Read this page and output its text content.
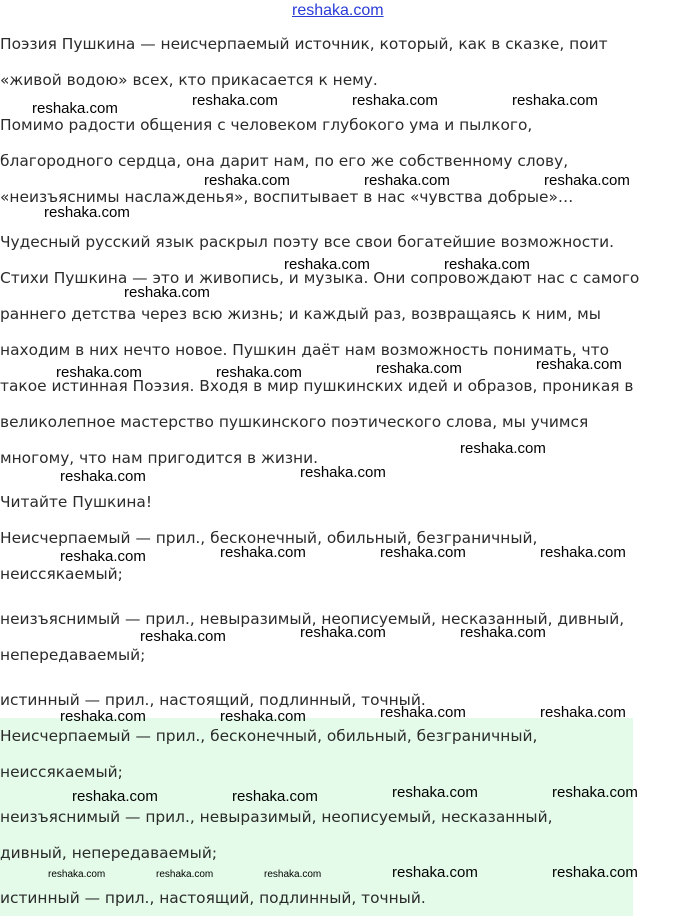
reshaka.com
Поэзия Пушкина — неисчерпаемый источник, который, как в сказке, поит
«живой водою» всех, кто прикасается к нему.
Помимо радости общения с человеком глубокого ума и пылкого,
благородного сердца, она дарит нам, по его же собственному слову,
«неизъяснимы наслажденья», воспитывает в нас «чувства добрые»…
Чудесный русский язык раскрыл поэту все свои богатейшие возможности.
Стихи Пушкина — это и живопись, и музыка. Они сопровождают нас с самого
раннего детства через всю жизнь; и каждый раз, возвращаясь к ним, мы
находим в них нечто новое. Пушкин даёт нам возможность понимать, что
такое истинная Поэзия. Входя в мир пушкинских идей и образов, проникая в
великолепное мастерство пушкинского поэтического слова, мы учимся
многому, что нам пригодится в жизни.
Читайте Пушкина!
Неисчерпаемый — прил., бесконечный, обильный, безграничный,
неиссякаемый;
неизъяснимый — прил., невыразимый, неописуемый, несказанный, дивный,
непередаваемый;
истинный — прил., настоящий, подлинный, точный.
Неисчерпаемый — прил., бесконечный, обильный, безграничный,
неиссякаемый;
неизъяснимый — прил., невыразимый, неописуемый, несказанный,
дивный, непередаваемый;
истинный — прил., настоящий, подлинный, точный.
reshaka.com	reshaka.com	reshaka.com	reshaka.com
reshaka.com	reshaka.com	reshaka.com
reshaka.com
reshaka.com	reshaka.com
reshaka.com
reshaka.com
reshaka.com
reshaka.com	reshaka.com
reshaka.com
reshaka.com
reshaka.com
reshaka.com	reshaka.com	reshaka.com	reshaka.com
reshaka.com	reshaka.com	reshaka.com
reshaka.com	reshaka.com
reshaka.com	reshaka.com
reshaka.com	reshaka.com
reshaka.com	reshaka.com
reshaka.com	reshaka.com
reshaka.com	reshaka.com	reshaka.com
